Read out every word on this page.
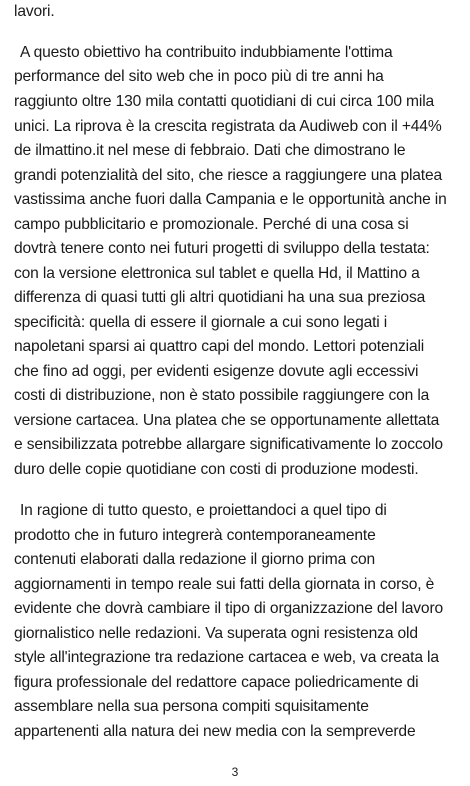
lavori.
A questo obiettivo ha contribuito indubbiamente l'ottima
performance del sito web che in poco più di tre anni ha
raggiunto oltre 130 mila contatti quotidiani di cui circa 100 mila
unici. La riprova è la crescita registrata da Audiweb con il +44%
de ilmattino.it nel mese di febbraio. Dati che dimostrano le
grandi potenzialità del sito, che riesce a raggiungere una platea
vastissima anche fuori dalla Campania e le opportunità anche in
campo pubblicitario e promozionale. Perché di una cosa si
dovtrà tenere conto nei futuri progetti di sviluppo della testata:
con la versione elettronica sul tablet e quella Hd, il Mattino a
differenza di quasi tutti gli altri quotidiani ha una sua preziosa
specificità: quella di essere il giornale a cui sono legati i
napoletani sparsi ai quattro capi del mondo. Lettori potenziali
che fino ad oggi, per evidenti esigenze dovute agli eccessivi
costi di distribuzione, non è stato possibile raggiungere con la
versione cartacea. Una platea che se opportunamente allettata
e sensibilizzata potrebbe allargare significativamente lo zoccolo
duro delle copie quotidiane con costi di produzione modesti.
In ragione di tutto questo, e proiettandoci a quel tipo di
prodotto che in futuro integrerà contemporaneamente
contenuti elaborati dalla redazione il giorno prima con
aggiornamenti in tempo reale sui fatti della giornata in corso, è
evidente che dovrà cambiare il tipo di organizzazione del lavoro
giornalistico nelle redazioni. Va superata ogni resistenza old
style all'integrazione tra redazione cartacea e web, va creata la
figura professionale del redattore capace poliedricamente di
assemblare nella sua persona compiti squisitamente
appartenenti alla natura dei new media con la sempreverde
3
